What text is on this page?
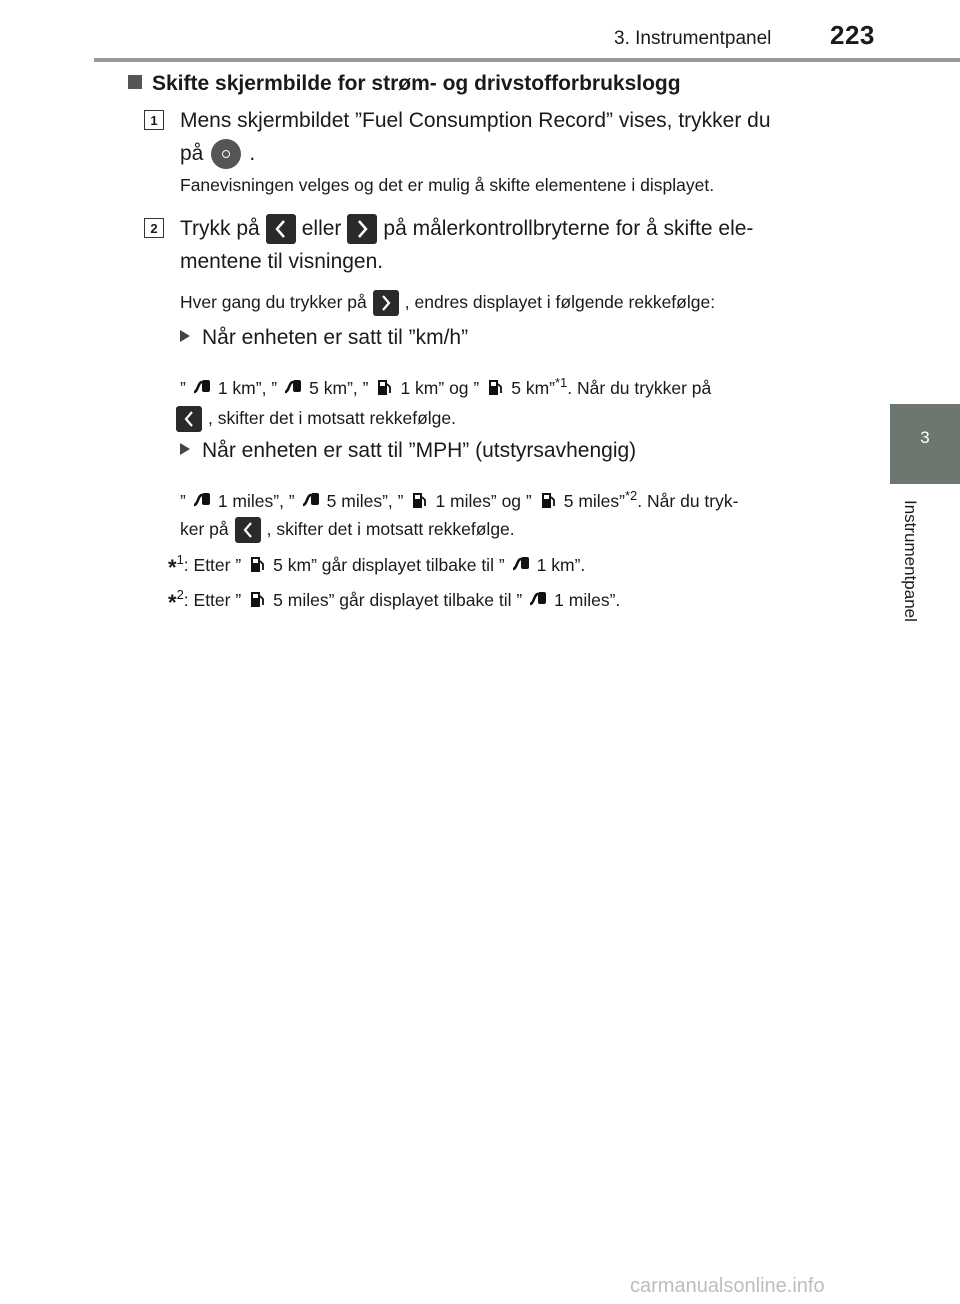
3. Instrumentpanel 223
3
Instrumentpanel
Skifte skjermbilde for strøm- og drivstofforbrukslogg
1	Mens skjermbildet ”Fuel Consumption Record” vises, trykker du
på .
Fanevisningen velges og det er mulig å skifte elementene i displayet.
2	Trykk på eller på målerkontrollbryterne for å skifte ele-
mentene til visningen.
Hver gang du trykker på , endres displayet i følgende rekkefølge:
Når enheten er satt til ”km/h”
” 1 km”, ” 5 km”, ” 1 km” og ” 5 km”$^{*1}$. Når du trykker på
, skifter det i motsatt rekkefølge.
Når enheten er satt til ”MPH” (utstyrsavhengig)
” 1 miles”, ” 5 miles”, ” 1 miles” og ” 5 miles”$^{*2}$. Når du tryk-
ker på , skifter det i motsatt rekkefølge.
*$^1$: Etter ” 5 km” går displayet tilbake til ” 1 km”.
*$^2$: Etter ” 5 miles” går displayet tilbake til ” 1 miles”.
carmanualsonline.info
